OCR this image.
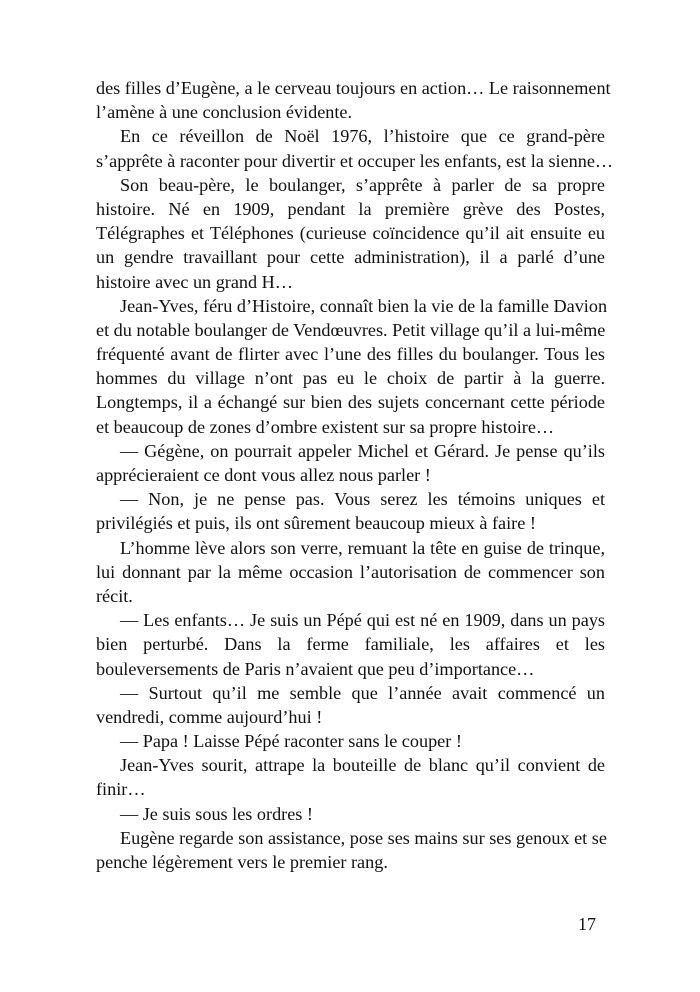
des filles d’Eugène, a le cerveau toujours en action… Le raisonnement
l’amène à une conclusion évidente.
En ce réveillon de Noël 1976, l’histoire que ce grand-père
s’apprête à raconter pour divertir et occuper les enfants, est la sienne…
Son beau-père, le boulanger, s’apprête à parler de sa propre
histoire. Né en 1909, pendant la première grève des Postes,
Télégraphes et Téléphones (curieuse coïncidence qu’il ait ensuite eu
un gendre travaillant pour cette administration), il a parlé d’une
histoire avec un grand H…
Jean-Yves, féru d’Histoire, connaît bien la vie de la famille Davion
et du notable boulanger de Vendœuvres. Petit village qu’il a lui-même
fréquenté avant de flirter avec l’une des filles du boulanger. Tous les
hommes du village n’ont pas eu le choix de partir à la guerre.
Longtemps, il a échangé sur bien des sujets concernant cette période
et beaucoup de zones d’ombre existent sur sa propre histoire…
— Gégène, on pourrait appeler Michel et Gérard. Je pense qu’ils
apprécieraient ce dont vous allez nous parler !
— Non, je ne pense pas. Vous serez les témoins uniques et
privilégiés et puis, ils ont sûrement beaucoup mieux à faire !
L’homme lève alors son verre, remuant la tête en guise de trinque,
lui donnant par la même occasion l’autorisation de commencer son
récit.
— Les enfants… Je suis un Pépé qui est né en 1909, dans un pays
bien perturbé. Dans la ferme familiale, les affaires et les
bouleversements de Paris n’avaient que peu d’importance…
— Surtout qu’il me semble que l’année avait commencé un
vendredi, comme aujourd’hui !
— Papa ! Laisse Pépé raconter sans le couper !
Jean-Yves sourit, attrape la bouteille de blanc qu’il convient de
finir…
— Je suis sous les ordres !
Eugène regarde son assistance, pose ses mains sur ses genoux et se
penche légèrement vers le premier rang.
17
